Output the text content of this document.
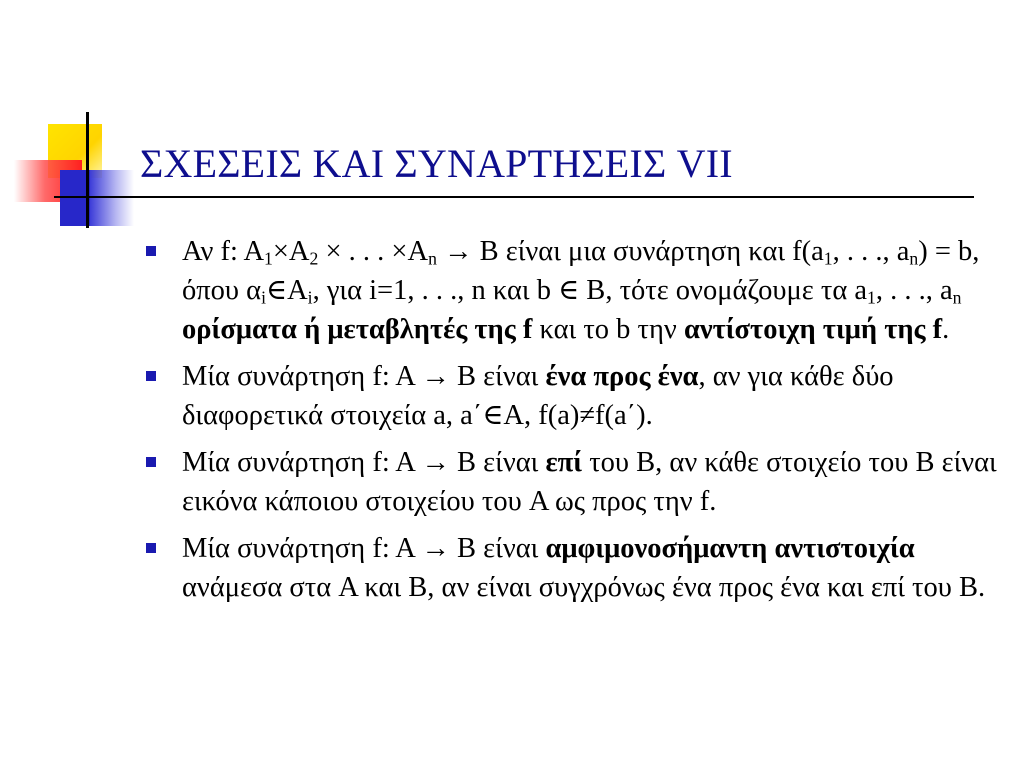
ΣΧΕΣΕΙΣ ΚΑΙ ΣΥΝΑΡΤΗΣΕΙΣ VII
Αν f: $A_1\times A_2$ × . . . $\times A_n \to B$ είναι μια συνάρτηση και $f(a_1$, . . ., $a_n) = b$, όπου $\alpha_i\in A_i$, για i=1, . . ., n και b ∈ B, τότε ονομάζουμε τα $a_1$, . . ., $a_n$ ορίσματα ή μεταβλητές της f και το b την αντίστοιχη τιμή της f.
Μία συνάρτηση f: A → B είναι ένα προς ένα, αν για κάθε δύο διαφορετικά στοιχεία a, a΄∈A, f(a)≠f(a΄).
Μία συνάρτηση f: A → B είναι επί του B, αν κάθε στοιχείο του B είναι εικόνα κάποιου στοιχείου του A ως προς την f.
Μία συνάρτηση f: A → B είναι αμφιμονοσήμαντη αντιστοιχία ανάμεσα στα A και B, αν είναι συγχρόνως ένα προς ένα και επί του B.
